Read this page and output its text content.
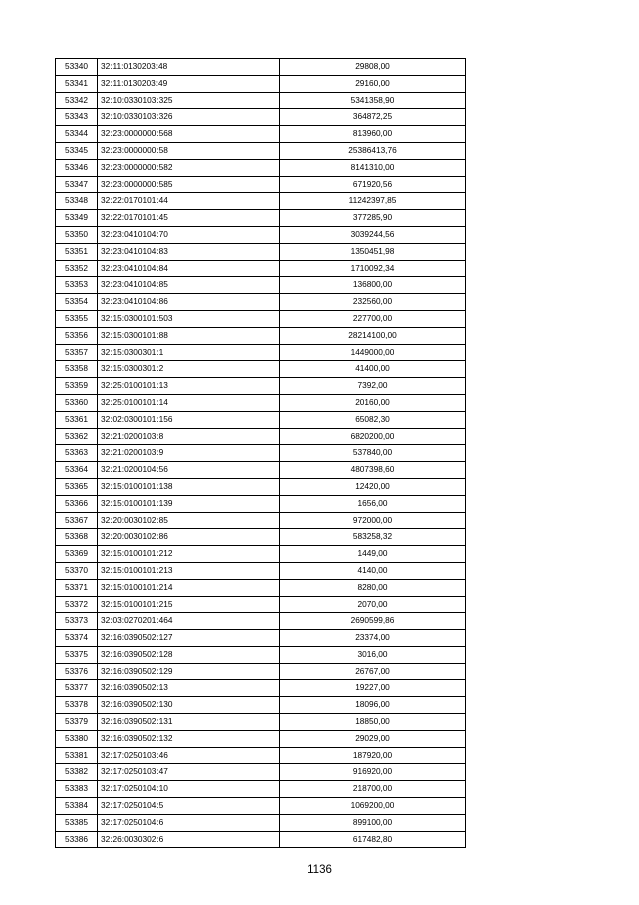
53340	32:11:0130203:48	29808,00
53341	32:11:0130203:49	29160,00
53342	32:10:0330103:325	5341358,90
53343	32:10:0330103:326	364872,25
53344	32:23:0000000:568	813960,00
53345	32:23:0000000:58	25386413,76
53346	32:23:0000000:582	8141310,00
53347	32:23:0000000:585	671920,56
53348	32:22:0170101:44	11242397,85
53349	32:22:0170101:45	377285,90
53350	32:23:0410104:70	3039244,56
53351	32:23:0410104:83	1350451,98
53352	32:23:0410104:84	1710092,34
53353	32:23:0410104:85	136800,00
53354	32:23:0410104:86	232560,00
53355	32:15:0300101:503	227700,00
53356	32:15:0300101:88	28214100,00
53357	32:15:0300301:1	1449000,00
53358	32:15:0300301:2	41400,00
53359	32:25:0100101:13	7392,00
53360	32:25:0100101:14	20160,00
53361	32:02:0300101:156	65082,30
53362	32:21:0200103:8	6820200,00
53363	32:21:0200103:9	537840,00
53364	32:21:0200104:56	4807398,60
53365	32:15:0100101:138	12420,00
53366	32:15:0100101:139	1656,00
53367	32:20:0030102:85	972000,00
53368	32:20:0030102:86	583258,32
53369	32:15:0100101:212	1449,00
53370	32:15:0100101:213	4140,00
53371	32:15:0100101:214	8280,00
53372	32:15:0100101:215	2070,00
53373	32:03:0270201:464	2690599,86
53374	32:16:0390502:127	23374,00
53375	32:16:0390502:128	3016,00
53376	32:16:0390502:129	26767,00
53377	32:16:0390502:13	19227,00
53378	32:16:0390502:130	18096,00
53379	32:16:0390502:131	18850,00
53380	32:16:0390502:132	29029,00
53381	32:17:0250103:46	187920,00
53382	32:17:0250103:47	916920,00
53383	32:17:0250104:10	218700,00
53384	32:17:0250104:5	1069200,00
53385	32:17:0250104:6	899100,00
53386	32:26:0030302:6	617482,80
1136
